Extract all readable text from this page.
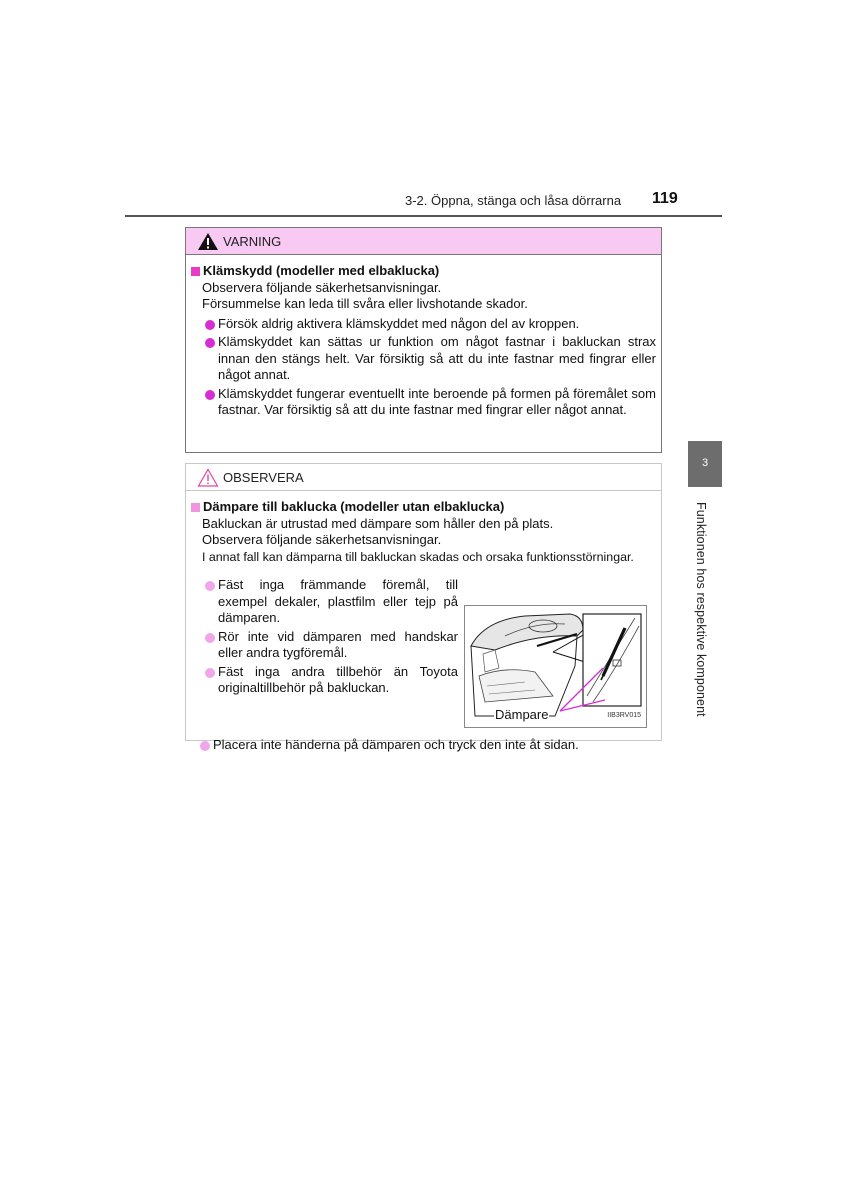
3-2. Öppna, stänga och låsa dörrarna 119
3
Funktionen hos respektive komponent
VARNING
Klämskydd (modeller med elbaklucka)
Observera följande säkerhetsanvisningar.
Försummelse kan leda till svåra eller livshotande skador.
Försök aldrig aktivera klämskyddet med någon del av kroppen.
Klämskyddet kan sättas ur funktion om något fastnar i bakluckan strax innan den stängs helt. Var försiktig så att du inte fastnar med fingrar eller något annat.
Klämskyddet fungerar eventuellt inte beroende på formen på föremålet som fastnar. Var försiktig så att du inte fastnar med fingrar eller något annat.
OBSERVERA
Dämpare till baklucka (modeller utan elbaklucka)
Bakluckan är utrustad med dämpare som håller den på plats.
Observera följande säkerhetsanvisningar.
I annat fall kan dämparna till bakluckan skadas och orsaka funktionsstörningar.
Fäst inga främmande föremål, till exempel dekaler, plastfilm eller tejp på dämparen.
Rör inte vid dämparen med handskar eller andra tygföremål.
Fäst inga andra tillbehör än Toyota originaltillbehör på bakluckan.
Dämpare	IIB3RV015
Placera inte händerna på dämparen och tryck den inte åt sidan.
